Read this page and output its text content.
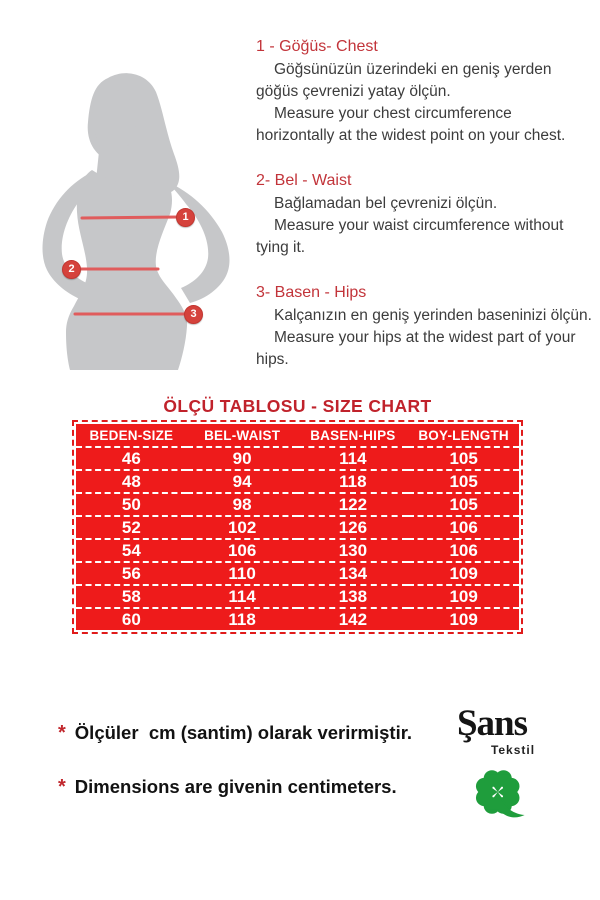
1
2
3
1 - Göğüs- Chest

Göğsünüzün üzerindeki en geniş yerden göğüs çevrenizi yatay ölçün.

Measure your chest circumference horizontally at the widest point on your chest.

2- Bel - Waist

Bağlamadan bel çevrenizi ölçün.

Measure your waist circumference without tying it.

3- Basen - Hips

Kalçanızın en geniş yerinden baseninizi ölçün.

Measure your hips at the widest part of your hips.

ÖLÇÜ TABLOSU - SIZE CHART
BEDEN-SIZE	BEL-WAIST	BASEN-HIPS	BOY-LENGTH
46	90	114	105
48	94	118	105
50	98	122	105
52	102	126	106
54	106	130	106
56	110	134	109
58	114	138	109
60	118	142	109
* Ölçüler  cm (santim) olarak verirmiştir.
* Dimensions are givenin centimeters.
Şans
Tekstil
